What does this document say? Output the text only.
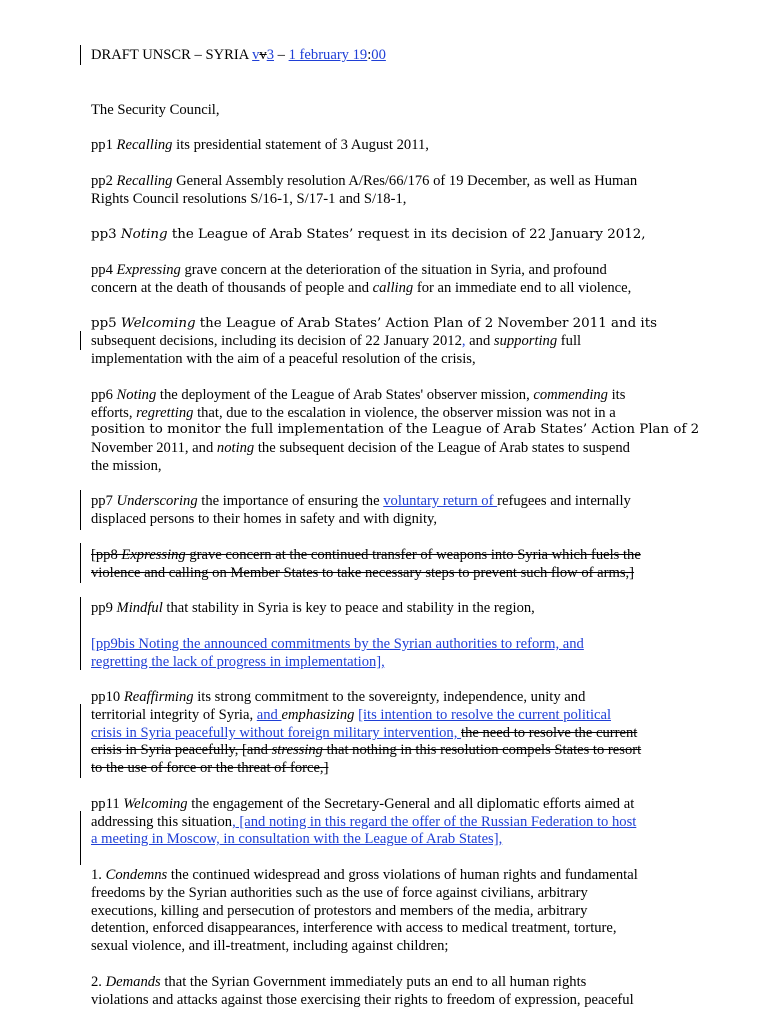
DRAFT UNSCR – SYRIA vv3 – 1 february 19:00
The Security Council,
pp1 Recalling its presidential statement of 3 August 2011,
pp2 Recalling General Assembly resolution A/Res/66/176 of 19 December, as well as Human
Rights Council resolutions S/16-1, S/17-1 and S/18-1,
pp3 Noting the League of Arab States’ request in its decision of 22 January 2012,
pp4 Expressing grave concern at the deterioration of the situation in Syria, and profound
concern at the death of thousands of people and calling for an immediate end to all violence,
pp5 Welcoming the League of Arab States’ Action Plan of 2 November 2011 and its
subsequent decisions, including its decision of 22 January 2012, and supporting full
implementation with the aim of a peaceful resolution of the crisis,
pp6 Noting the deployment of the League of Arab States' observer mission, commending its
efforts, regretting that, due to the escalation in violence, the observer mission was not in a
position to monitor the full implementation of the League of Arab States’ Action Plan of 2
November 2011, and noting the subsequent decision of the League of Arab states to suspend
the mission,
pp7 Underscoring the importance of ensuring the voluntary return of refugees and internally
displaced persons to their homes in safety and with dignity,
[pp8 Expressing grave concern at the continued transfer of weapons into Syria which fuels the
violence and calling on Member States to take necessary steps to prevent such flow of arms,]
pp9 Mindful that stability in Syria is key to peace and stability in the region,
[pp9bis Noting the announced commitments by the Syrian authorities to reform, and
regretting the lack of progress in implementation],
pp10 Reaffirming its strong commitment to the sovereignty, independence, unity and
territorial integrity of Syria, and emphasizing [its intention to resolve the current political
crisis in Syria peacefully without foreign military intervention, the need to resolve the current
crisis in Syria peacefully, [and stressing that nothing in this resolution compels States to resort
to the use of force or the threat of force,]
pp11 Welcoming the engagement of the Secretary-General and all diplomatic efforts aimed at
addressing this situation, [and noting in this regard the offer of the Russian Federation to host
a meeting in Moscow, in consultation with the League of Arab States],
1. Condemns the continued widespread and gross violations of human rights and fundamental
freedoms by the Syrian authorities such as the use of force against civilians, arbitrary
executions, killing and persecution of protestors and members of the media, arbitrary
detention, enforced disappearances, interference with access to medical treatment, torture,
sexual violence, and ill-treatment, including against children;
2. Demands that the Syrian Government immediately puts an end to all human rights
violations and attacks against those exercising their rights to freedom of expression, peaceful
